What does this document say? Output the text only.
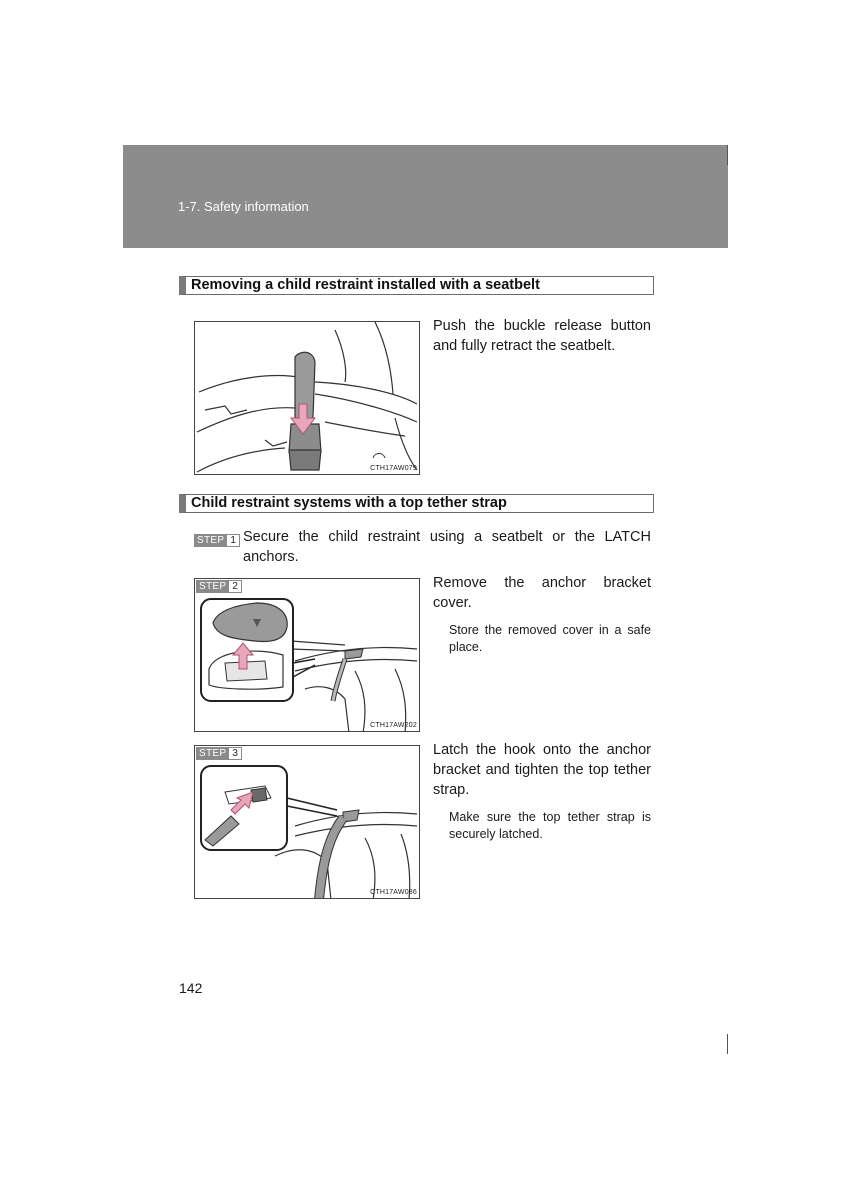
1-7. Safety information
Removing a child restraint installed with a seatbelt
CTH17AW079
Push the buckle release button and fully retract the seatbelt.
Child restraint systems with a top tether strap
STEP 1 Secure the child restraint using a seatbelt or the LATCH anchors.
STEP 2
CTH17AW202
Remove the anchor bracket cover.
Store the removed cover in a safe place.
STEP 3
CTH17AW086
Latch the hook onto the anchor bracket and tighten the top tether strap.
Make sure the top tether strap is securely latched.
142
